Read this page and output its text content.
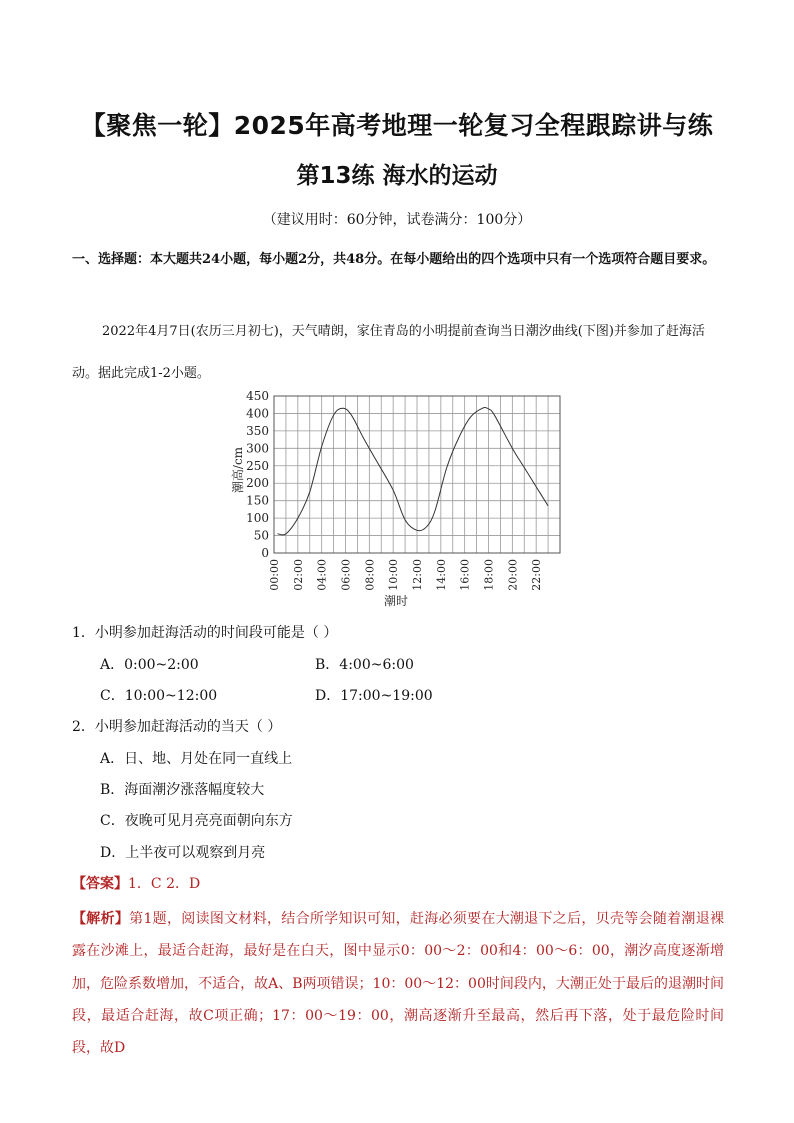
【聚焦一轮】2025年高考地理一轮复习全程跟踪讲与练
第13练 海水的运动
（建议用时：60分钟，试卷满分：100分）
一、选择题：本大题共24小题，每小题2分，共48分。在每小题给出的四个选项中只有一个选项符合题目要求。
2022年4月7日(农历三月初七)，天气晴朗，家住青岛的小明提前查询当日潮汐曲线(下图)并参加了赶海活动。据此完成1-2小题。
0
50
100
150
200
250
300
350
400
450
00:00 02:00 04:00 06:00 08:00 10:00 12:00 14:00 16:00 18:00 20:00 22:00
潮高/cm
潮时
1．小明参加赶海活动的时间段可能是（ ）
A．0:00~2:00	B．4:00~6:00
C．10:00~12:00	D．17:00~19:00
2．小明参加赶海活动的当天（ ）
A．日、地、月处在同一直线上
B．海面潮汐涨落幅度较大
C．夜晚可见月亮亮面朝向东方
D．上半夜可以观察到月亮
【答案】1．C 2．D
【解析】第1题，阅读图文材料，结合所学知识可知，赶海必须要在大潮退下之后，贝壳等会随着潮退裸露在沙滩上，最适合赶海，最好是在白天，图中显示0：00～2：00和4：00～6：00，潮汐高度逐渐增加，危险系数增加，不适合，故A、B两项错误；10：00～12：00时间段内，大潮正处于最后的退潮时间段，最适合赶海，故C项正确；17：00～19：00，潮高逐渐升至最高，然后再下落，处于最危险时间段，故D
